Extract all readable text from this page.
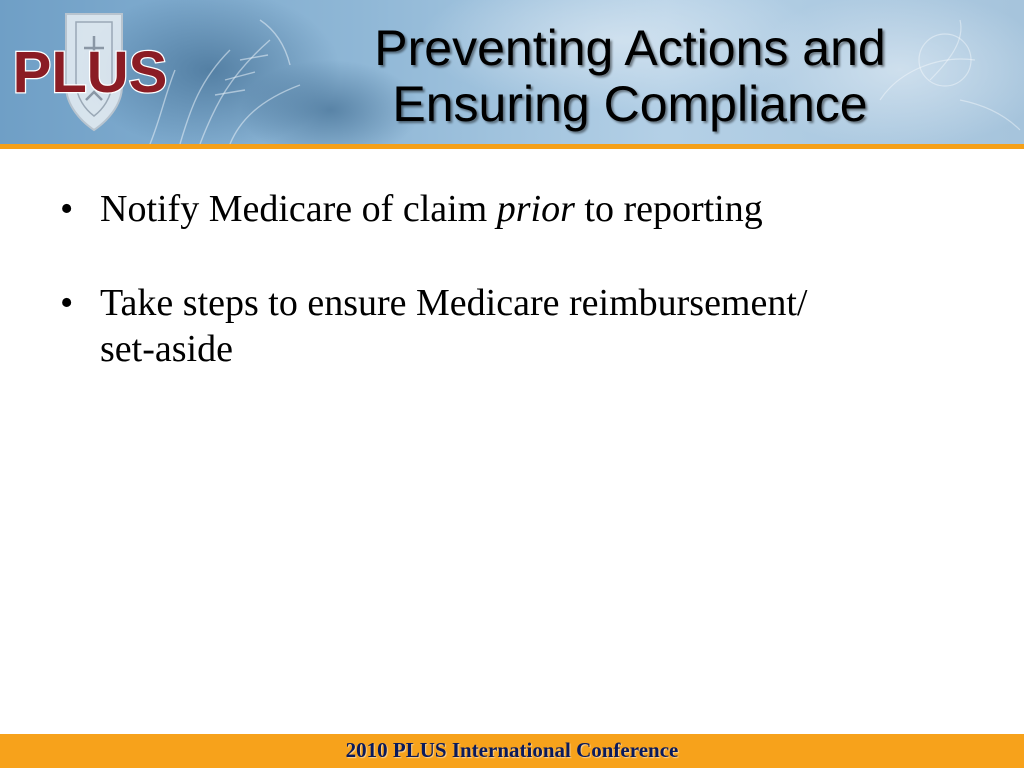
PLUS	Preventing Actions and
Ensuring Compliance
• Notify Medicare of claim prior to reporting
• Take steps to ensure Medicare reimbursement/
set-aside
2010 PLUS International Conference
